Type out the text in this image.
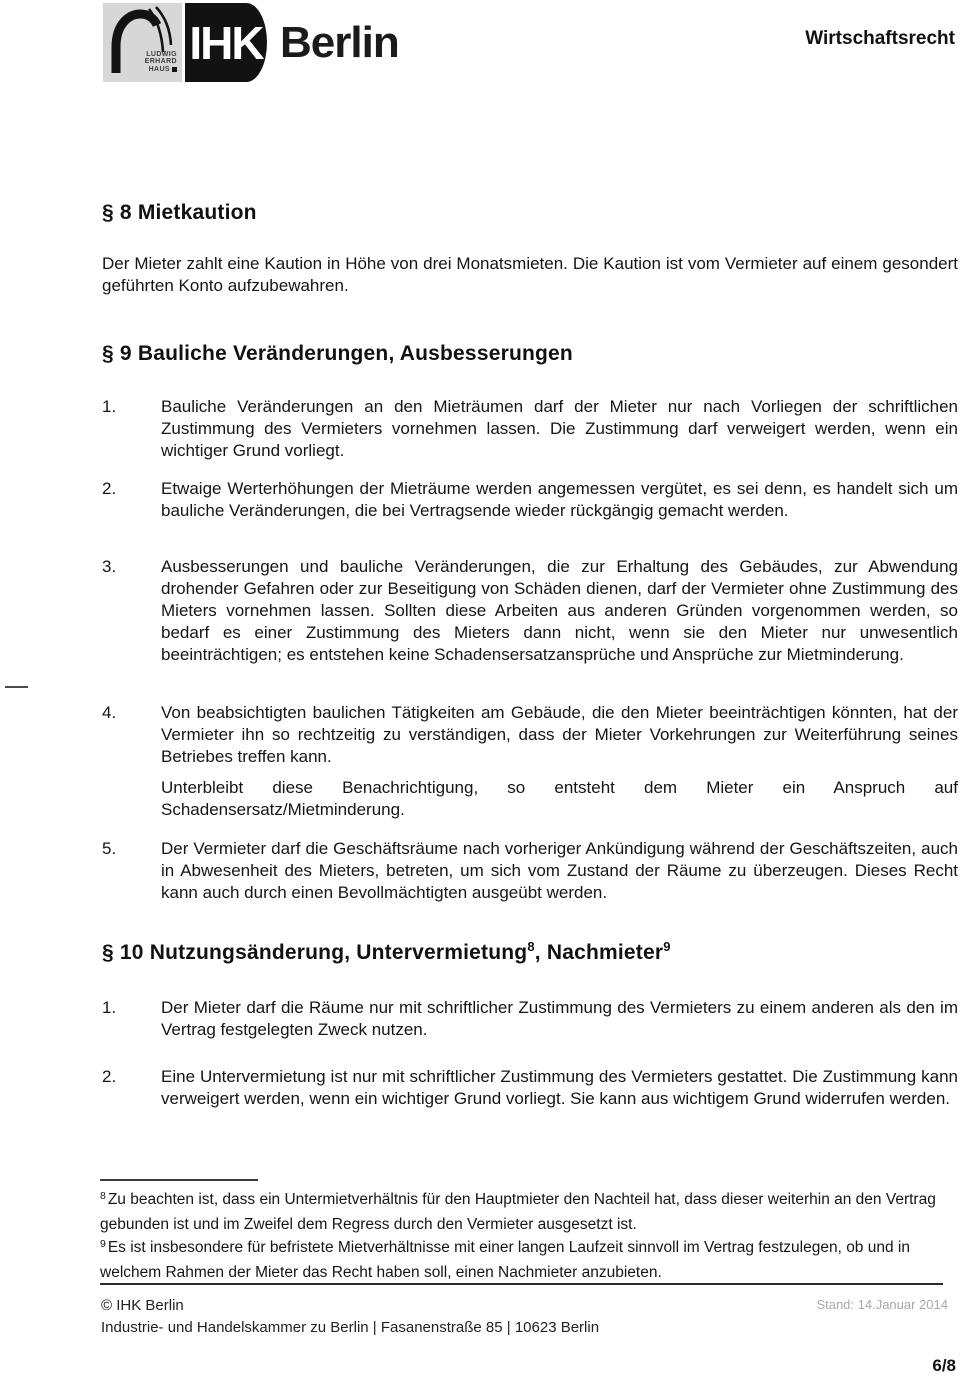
LUDWIG
ERHARD
HAUS
IHK Berlin	Wirtschaftsrecht
§ 8 Mietkaution
Der Mieter zahlt eine Kaution in Höhe von drei Monatsmieten. Die Kaution ist vom Vermieter auf einem gesondert geführten Konto aufzubewahren.
§ 9 Bauliche Veränderungen, Ausbesserungen
1.	Bauliche Veränderungen an den Mieträumen darf der Mieter nur nach Vorliegen der schriftlichen Zustimmung des Vermieters vornehmen lassen. Die Zustimmung darf verweigert werden, wenn ein wichtiger Grund vorliegt.
2.	Etwaige Werterhöhungen der Mieträume werden angemessen vergütet, es sei denn, es handelt sich um bauliche Veränderungen, die bei Vertragsende wieder rückgängig gemacht werden.
3.	Ausbesserungen und bauliche Veränderungen, die zur Erhaltung des Gebäudes, zur Abwendung drohender Gefahren oder zur Beseitigung von Schäden dienen, darf der Vermieter ohne Zustimmung des Mieters vornehmen lassen. Sollten diese Arbeiten aus anderen Gründen vorgenommen werden, so bedarf es einer Zustimmung des Mieters dann nicht, wenn sie den Mieter nur unwesentlich beeinträchtigen; es entstehen keine Schadensersatzansprüche und Ansprüche zur Mietminderung.
4.	Von beabsichtigten baulichen Tätigkeiten am Gebäude, die den Mieter beeinträchtigen könnten, hat der Vermieter ihn so rechtzeitig zu verständigen, dass der Mieter Vorkehrungen zur Weiterführung seines Betriebes treffen kann.
Unterbleibt diese Benachrichtigung, so entsteht dem Mieter ein Anspruch auf Schadensersatz/Mietminderung.
5.	Der Vermieter darf die Geschäftsräume nach vorheriger Ankündigung während der Geschäftszeiten, auch in Abwesenheit des Mieters, betreten, um sich vom Zustand der Räume zu überzeugen. Dieses Recht kann auch durch einen Bevollmächtigten ausgeübt werden.
§ 10 Nutzungsänderung, Untervermietung$^8$, Nachmieter$^9$
1.	Der Mieter darf die Räume nur mit schriftlicher Zustimmung des Vermieters zu einem anderen als den im Vertrag festgelegten Zweck nutzen.
2.	Eine Untervermietung ist nur mit schriftlicher Zustimmung des Vermieters gestattet. Die Zustimmung kann verweigert werden, wenn ein wichtiger Grund vorliegt. Sie kann aus wichtigem Grund widerrufen werden.
$^8$ Zu beachten ist, dass ein Untermietverhältnis für den Hauptmieter den Nachteil hat, dass dieser weiterhin an den Vertrag gebunden ist und im Zweifel dem Regress durch den Vermieter ausgesetzt ist.
$^9$ Es ist insbesondere für befristete Mietverhältnisse mit einer langen Laufzeit sinnvoll im Vertrag festzulegen, ob und in welchem Rahmen der Mieter das Recht haben soll, einen Nachmieter anzubieten.
© IHK Berlin
Industrie- und Handelskammer zu Berlin | Fasanenstraße 85 | 10623 Berlin
Stand: 14.Januar 2014
6/8
